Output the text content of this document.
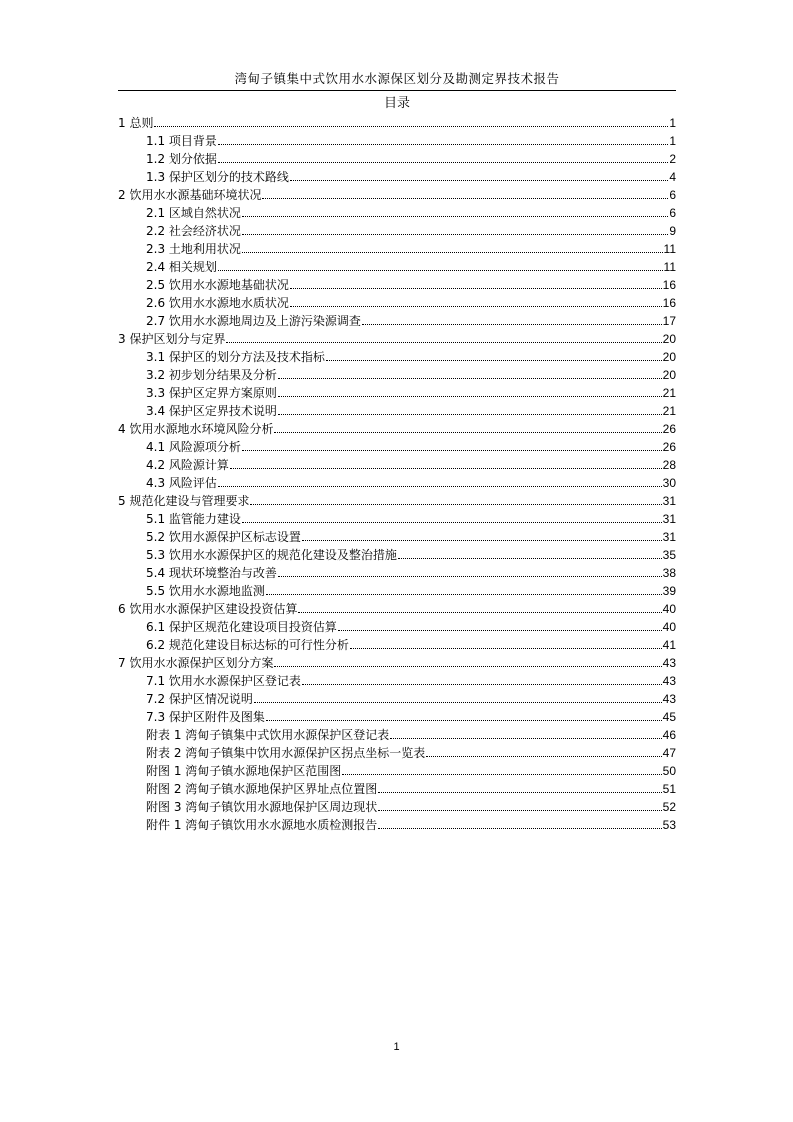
湾甸子镇集中式饮用水水源保区划分及勘测定界技术报告
目录
1 总则	1
1.1 项目背景	1
1.2 划分依据	2
1.3 保护区划分的技术路线	4
2 饮用水水源基础环境状况	6
2.1 区域自然状况	6
2.2 社会经济状况	9
2.3 土地利用状况	11
2.4 相关规划	11
2.5 饮用水水源地基础状况	16
2.6 饮用水水源地水质状况	16
2.7 饮用水水源地周边及上游污染源调查	17
3 保护区划分与定界	20
3.1 保护区的划分方法及技术指标	20
3.2 初步划分结果及分析	20
3.3 保护区定界方案原则	21
3.4 保护区定界技术说明	21
4 饮用水源地水环境风险分析	26
4.1 风险源项分析	26
4.2 风险源计算	28
4.3 风险评估	30
5 规范化建设与管理要求	31
5.1 监管能力建设	31
5.2 饮用水源保护区标志设置	31
5.3 饮用水水源保护区的规范化建设及整治措施	35
5.4 现状环境整治与改善	38
5.5 饮用水水源地监测	39
6 饮用水水源保护区建设投资估算	40
6.1 保护区规范化建设项目投资估算	40
6.2 规范化建设目标达标的可行性分析	41
7 饮用水水源保护区划分方案	43
7.1 饮用水水源保护区登记表	43
7.2 保护区情况说明	43
7.3 保护区附件及图集	45
附表 1 湾甸子镇集中式饮用水源保护区登记表	46
附表 2 湾甸子镇集中饮用水源保护区拐点坐标一览表	47
附图 1 湾甸子镇水源地保护区范围图	50
附图 2 湾甸子镇水源地保护区界址点位置图	51
附图 3 湾甸子镇饮用水源地保护区周边现状	52
附件 1 湾甸子镇饮用水水源地水质检测报告	53
1
